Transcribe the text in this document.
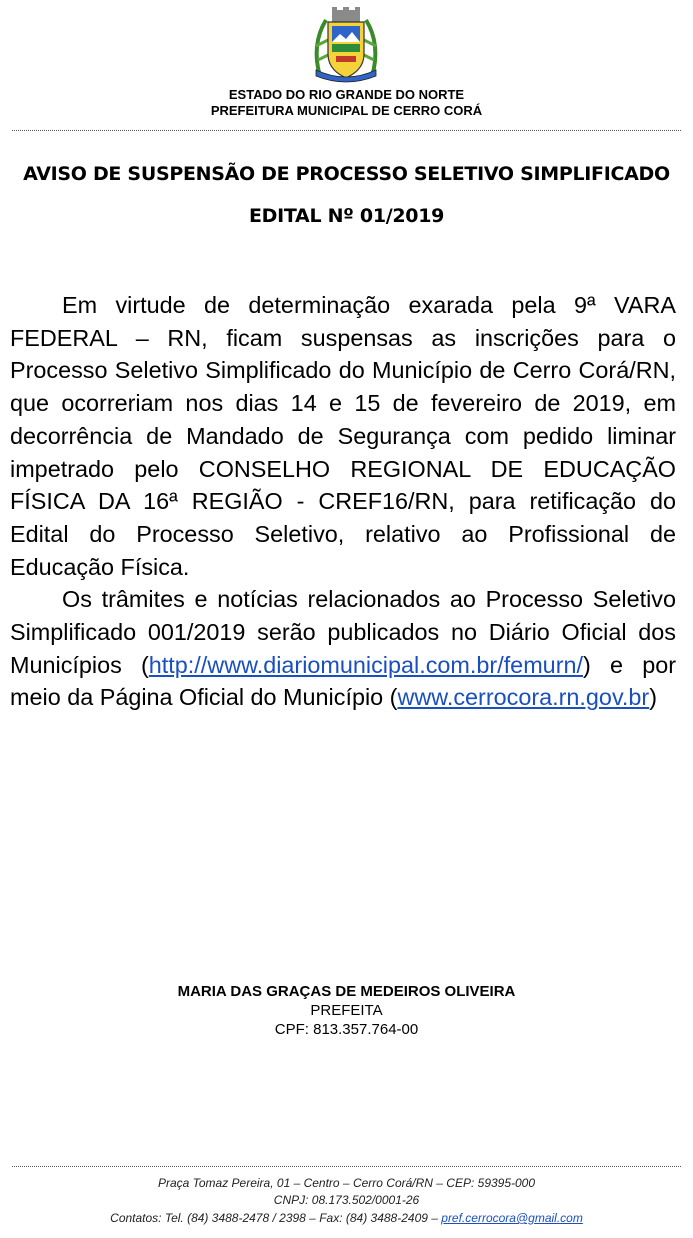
ESTADO DO RIO GRANDE DO NORTE
PREFEITURA MUNICIPAL DE CERRO CORÁ
AVISO DE SUSPENSÃO DE PROCESSO SELETIVO SIMPLIFICADO
EDITAL Nº 01/2019

Em virtude de determinação exarada pela 9ª VARA FEDERAL – RN, ficam suspensas as inscrições para o Processo Seletivo Simplificado do Município de Cerro Corá/RN, que ocorreriam nos dias 14 e 15 de fevereiro de 2019, em decorrência de Mandado de Segurança com pedido liminar impetrado pelo CONSELHO REGIONAL DE EDUCAÇÃO FÍSICA DA 16ª REGIÃO - CREF16/RN, para retificação do Edital do Processo Seletivo, relativo ao Profissional de Educação Física.

Os trâmites e notícias relacionados ao Processo Seletivo Simplificado 001/2019 serão publicados no Diário Oficial dos Municípios (http://www.diariomunicipal.com.br/femurn/) e por meio da Página Oficial do Município (www.cerrocora.rn.gov.br)

MARIA DAS GRAÇAS DE MEDEIROS OLIVEIRA
PREFEITA
CPF: 813.357.764-00
Praça Tomaz Pereira, 01 – Centro – Cerro Corá/RN – CEP: 59395-000
CNPJ: 08.173.502/0001-26
Contatos: Tel. (84) 3488-2478 / 2398 – Fax: (84) 3488-2409 – pref.cerrocora@gmail.com
